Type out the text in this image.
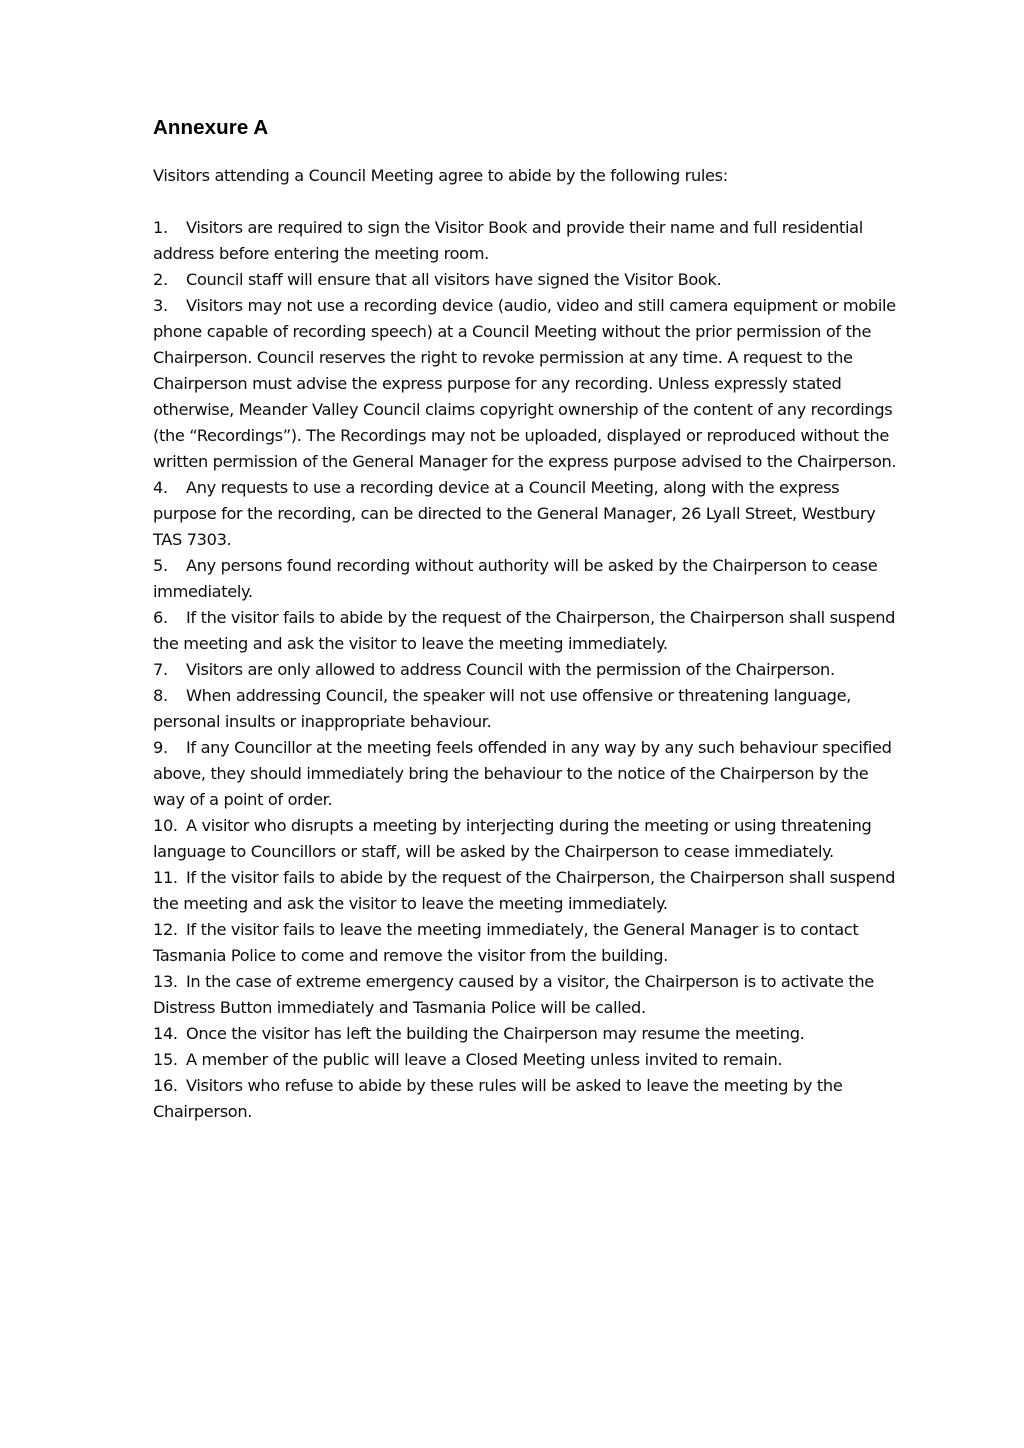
Annexure A

Visitors attending a Council Meeting agree to abide by the following rules:

1. Visitors are required to sign the Visitor Book and provide their name and full residential address before entering the meeting room.
2. Council staff will ensure that all visitors have signed the Visitor Book.
3. Visitors may not use a recording device (audio, video and still camera equipment or mobile phone capable of recording speech) at a Council Meeting without the prior permission of the Chairperson. Council reserves the right to revoke permission at any time. A request to the Chairperson must advise the express purpose for any recording. Unless expressly stated otherwise, Meander Valley Council claims copyright ownership of the content of any recordings (the “Recordings”). The Recordings may not be uploaded, displayed or reproduced without the written permission of the General Manager for the express purpose advised to the Chairperson.
4. Any requests to use a recording device at a Council Meeting, along with the express purpose for the recording, can be directed to the General Manager, 26 Lyall Street, Westbury TAS 7303.
5. Any persons found recording without authority will be asked by the Chairperson to cease immediately.
6. If the visitor fails to abide by the request of the Chairperson, the Chairperson shall suspend the meeting and ask the visitor to leave the meeting immediately.
7. Visitors are only allowed to address Council with the permission of the Chairperson.
8. When addressing Council, the speaker will not use offensive or threatening language, personal insults or inappropriate behaviour.
9. If any Councillor at the meeting feels offended in any way by any such behaviour specified above, they should immediately bring the behaviour to the notice of the Chairperson by the way of a point of order.
10. A visitor who disrupts a meeting by interjecting during the meeting or using threatening language to Councillors or staff, will be asked by the Chairperson to cease immediately.
11. If the visitor fails to abide by the request of the Chairperson, the Chairperson shall suspend the meeting and ask the visitor to leave the meeting immediately.
12. If the visitor fails to leave the meeting immediately, the General Manager is to contact Tasmania Police to come and remove the visitor from the building.
13. In the case of extreme emergency caused by a visitor, the Chairperson is to activate the Distress Button immediately and Tasmania Police will be called.
14. Once the visitor has left the building the Chairperson may resume the meeting.
15. A member of the public will leave a Closed Meeting unless invited to remain.
16. Visitors who refuse to abide by these rules will be asked to leave the meeting by the Chairperson.
